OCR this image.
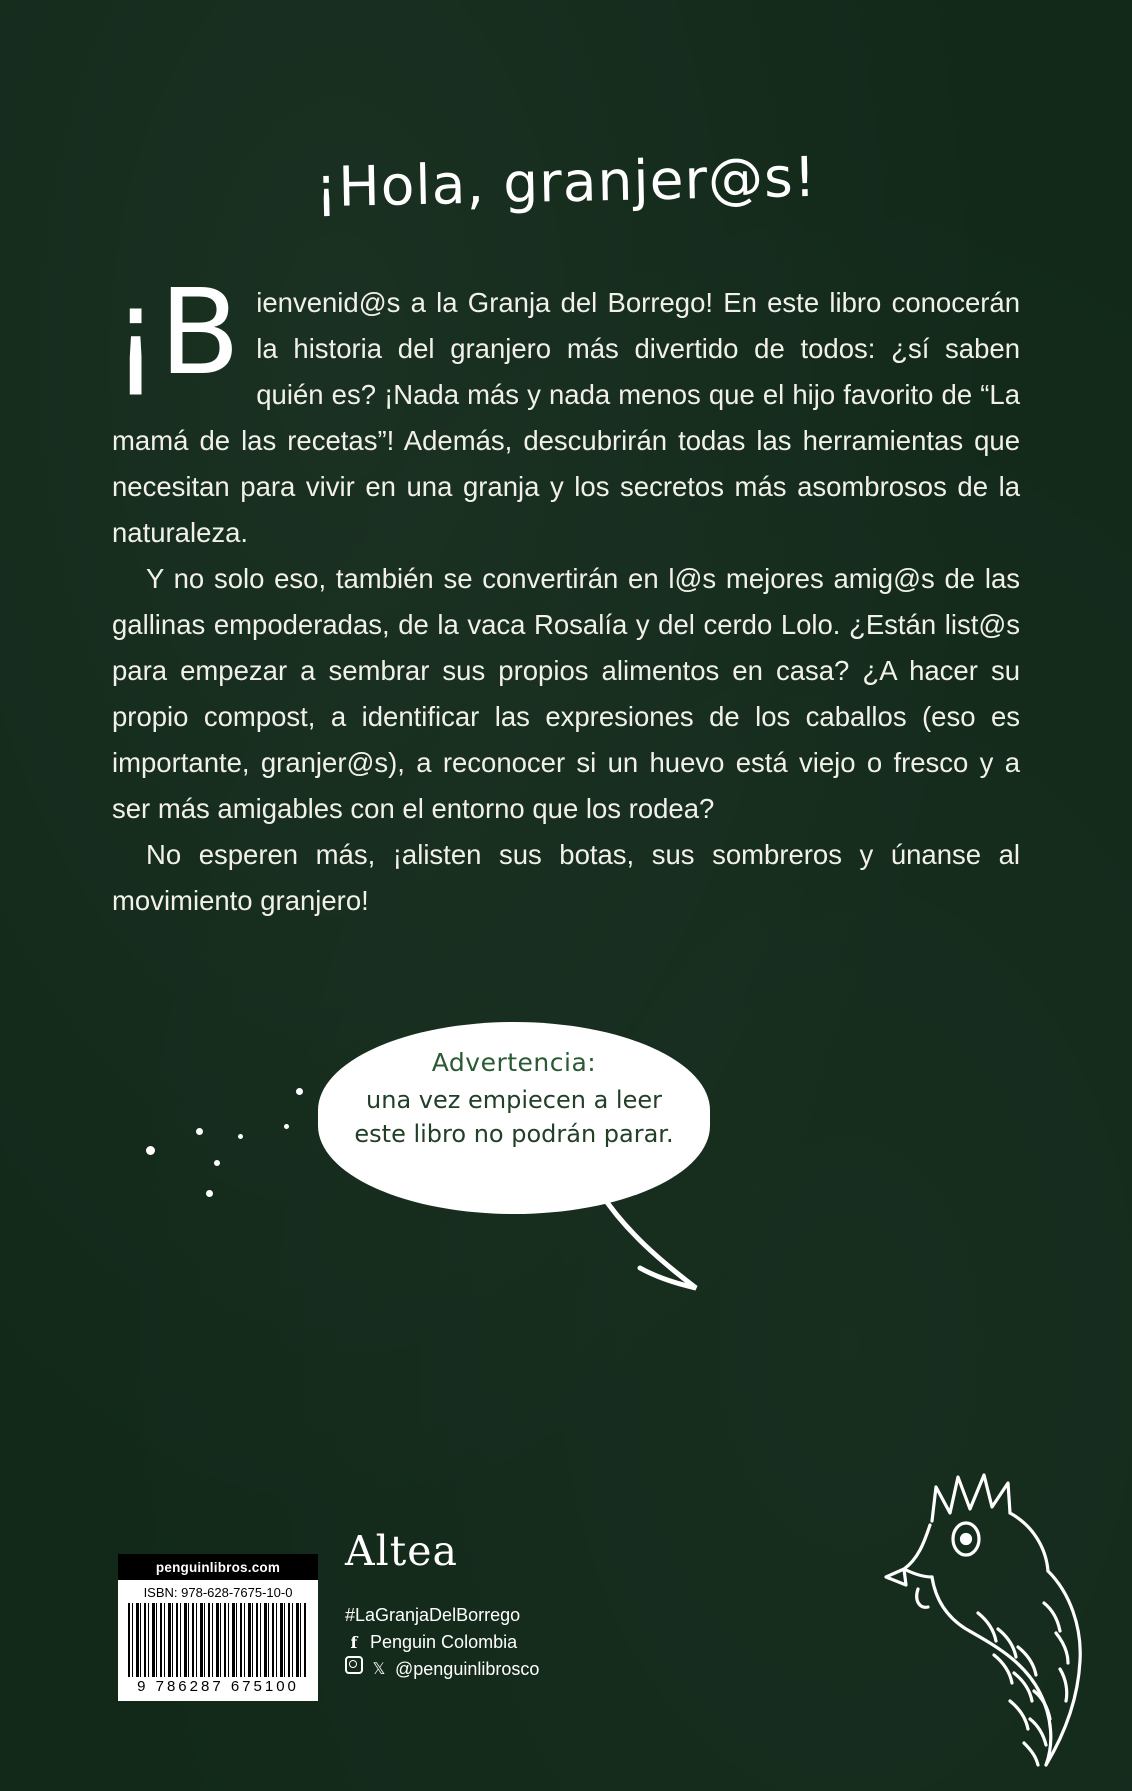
¡Hola, granjer@s!

¡B ienvenid@s a la Granja del Borrego! En este libro conocerán la historia del granjero más divertido de todos: ¿sí saben quién es? ¡Nada más y nada menos que el hijo favorito de “La mamá de las recetas”! Además, descubrirán todas las herramientas que necesitan para vivir en una granja y los secretos más asombrosos de la naturaleza.

Y no solo eso, también se convertirán en l@s mejores amig@s de las gallinas empoderadas, de la vaca Rosalía y del cerdo Lolo. ¿Están list@s para empezar a sembrar sus propios alimentos en casa? ¿A hacer su propio compost, a identificar las expresiones de los caballos (eso es importante, granjer@s), a reconocer si un huevo está viejo o fresco y a ser más amigables con el entorno que los rodea?

No esperen más, ¡alisten sus botas, sus sombreros y únanse al movimiento granjero!

Advertencia:
una vez empiecen a leer este libro no podrán parar.
penguinlibros.com
ISBN: 978-628-7675-10-0
9 786287 675100
Altea
#LaGranjaDelBorrego
f Penguin Colombia
𝕏 @penguinlibrosco
